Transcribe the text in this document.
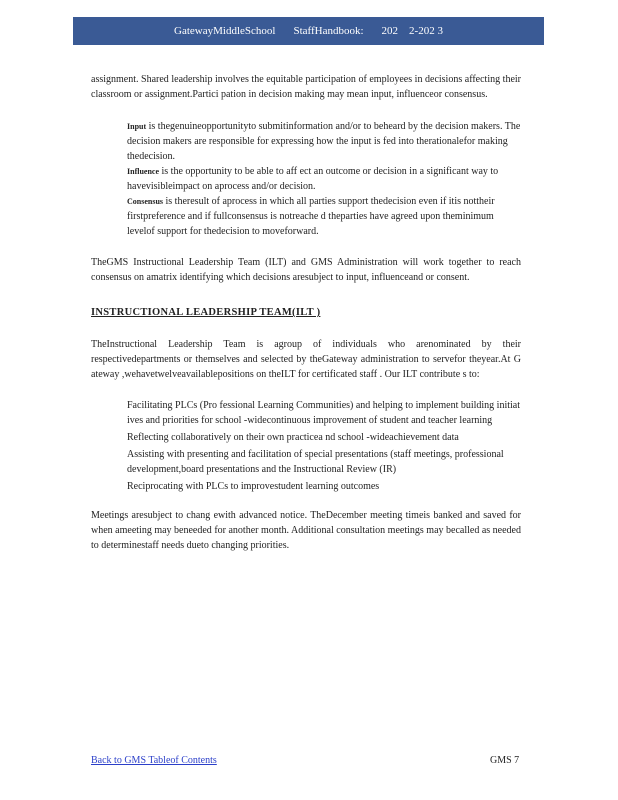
GatewayMiddleSchool StaffHandbook: 202    2-202 3

assignment. Shared leadership involves the equitable participation of employees in decisions affecting their classroom or assignment.Partici pation in decision making may mean input, influenceor consensus.

Input is thegenuineopportunityto submitinformation and/or to beheard by the decision makers. The decision makers are responsible for expressing how the input is fed into therationalefor making thedecision.
Influence is the opportunity to be able to aff ect an outcome or decision in a significant way to havevisibleimpact on aprocess and/or decision.
Consensus is theresult of aprocess in which all parties support thedecision even if itis nottheir firstpreference and if fullconsensus is notreache d theparties have agreed upon theminimum levelof support for thedecision to moveforward.

TheGMS Instructional Leadership Team (ILT) and GMS Administration will work together to reach consensus on amatrix identifying which decisions aresubject to input, influenceand or consent.

INSTRUCTIONAL LEADERSHIP TEAM(ILT )

TheInstructional Leadership Team is agroup of individuals who arenominated by their respectivedepartments or themselves and selected by theGateway administration to servefor theyear.At G ateway ,wehavetwelveavailablepositions on theILT for certificated staff . Our ILT contribute s to:

Facilitating PLCs (Pro fessional Learning Communities) and helping to implement building initiat ives and priorities for school -widecontinuous improvement of student and teacher learning
Reflecting collaboratively on their own practicea nd school -wideachievement data
Assisting with presenting and facilitation of special presentations (staff meetings, professional development,board presentations and the Instructional Review (IR)
Reciprocating with PLCs to improvestudent learning outcomes

Meetings aresubject to chang ewith advanced notice. TheDecember meeting timeis banked and saved for when ameeting may beneeded for another month. Additional consultation meetings may becalled as needed to determinestaff needs dueto changing priorities.

Back to GMS Tableof Contents	GMS 7
